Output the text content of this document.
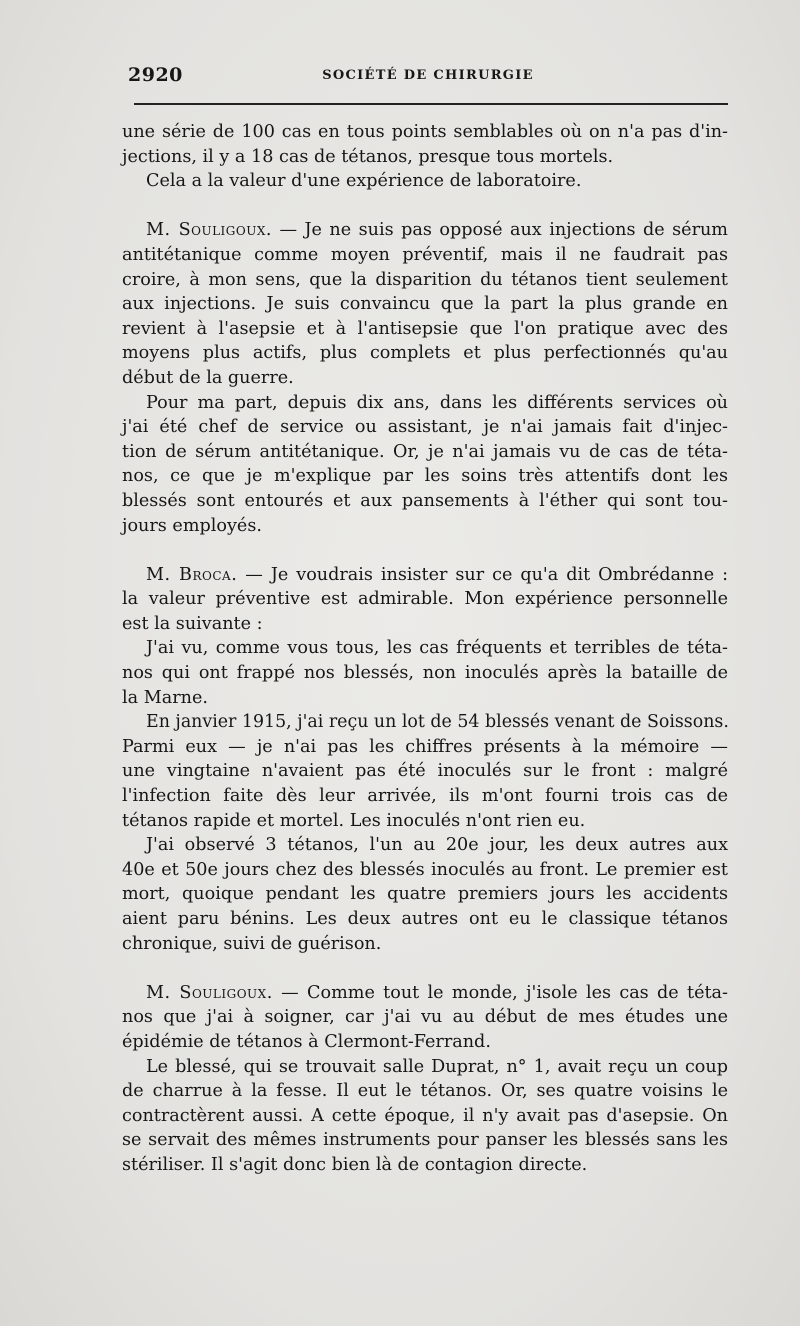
2920	SOCIÉTÉ DE CHIRURGIE
une série de 100 cas en tous points semblables où on n'a pas d'in-
jections, il y a 18 cas de tétanos, presque tous mortels.
Cela a la valeur d'une expérience de laboratoire.
M. Souligoux. — Je ne suis pas opposé aux injections de sérum
antitétanique comme moyen préventif, mais il ne faudrait pas
croire, à mon sens, que la disparition du tétanos tient seulement
aux injections. Je suis convaincu que la part la plus grande en
revient à l'asepsie et à l'antisepsie que l'on pratique avec des
moyens plus actifs, plus complets et plus perfectionnés qu'au
début de la guerre.
Pour ma part, depuis dix ans, dans les différents services où
j'ai été chef de service ou assistant, je n'ai jamais fait d'injec-
tion de sérum antitétanique. Or, je n'ai jamais vu de cas de téta-
nos, ce que je m'explique par les soins très attentifs dont les
blessés sont entourés et aux pansements à l'éther qui sont tou-
jours employés.
M. Broca. — Je voudrais insister sur ce qu'a dit Ombrédanne :
la valeur préventive est admirable. Mon expérience personnelle
est la suivante :
J'ai vu, comme vous tous, les cas fréquents et terribles de téta-
nos qui ont frappé nos blessés, non inoculés après la bataille de
la Marne.
En janvier 1915, j'ai reçu un lot de 54 blessés venant de Soissons.
Parmi eux — je n'ai pas les chiffres présents à la mémoire —
une vingtaine n'avaient pas été inoculés sur le front : malgré
l'infection faite dès leur arrivée, ils m'ont fourni trois cas de
tétanos rapide et mortel. Les inoculés n'ont rien eu.
J'ai observé 3 tétanos, l'un au 20e jour, les deux autres aux
40e et 50e jours chez des blessés inoculés au front. Le premier est
mort, quoique pendant les quatre premiers jours les accidents
aient paru bénins. Les deux autres ont eu le classique tétanos
chronique, suivi de guérison.
M. Souligoux. — Comme tout le monde, j'isole les cas de téta-
nos que j'ai à soigner, car j'ai vu au début de mes études une
épidémie de tétanos à Clermont-Ferrand.
Le blessé, qui se trouvait salle Duprat, n° 1, avait reçu un coup
de charrue à la fesse. Il eut le tétanos. Or, ses quatre voisins le
contractèrent aussi. A cette époque, il n'y avait pas d'asepsie. On
se servait des mêmes instruments pour panser les blessés sans les
stériliser. Il s'agit donc bien là de contagion directe.
